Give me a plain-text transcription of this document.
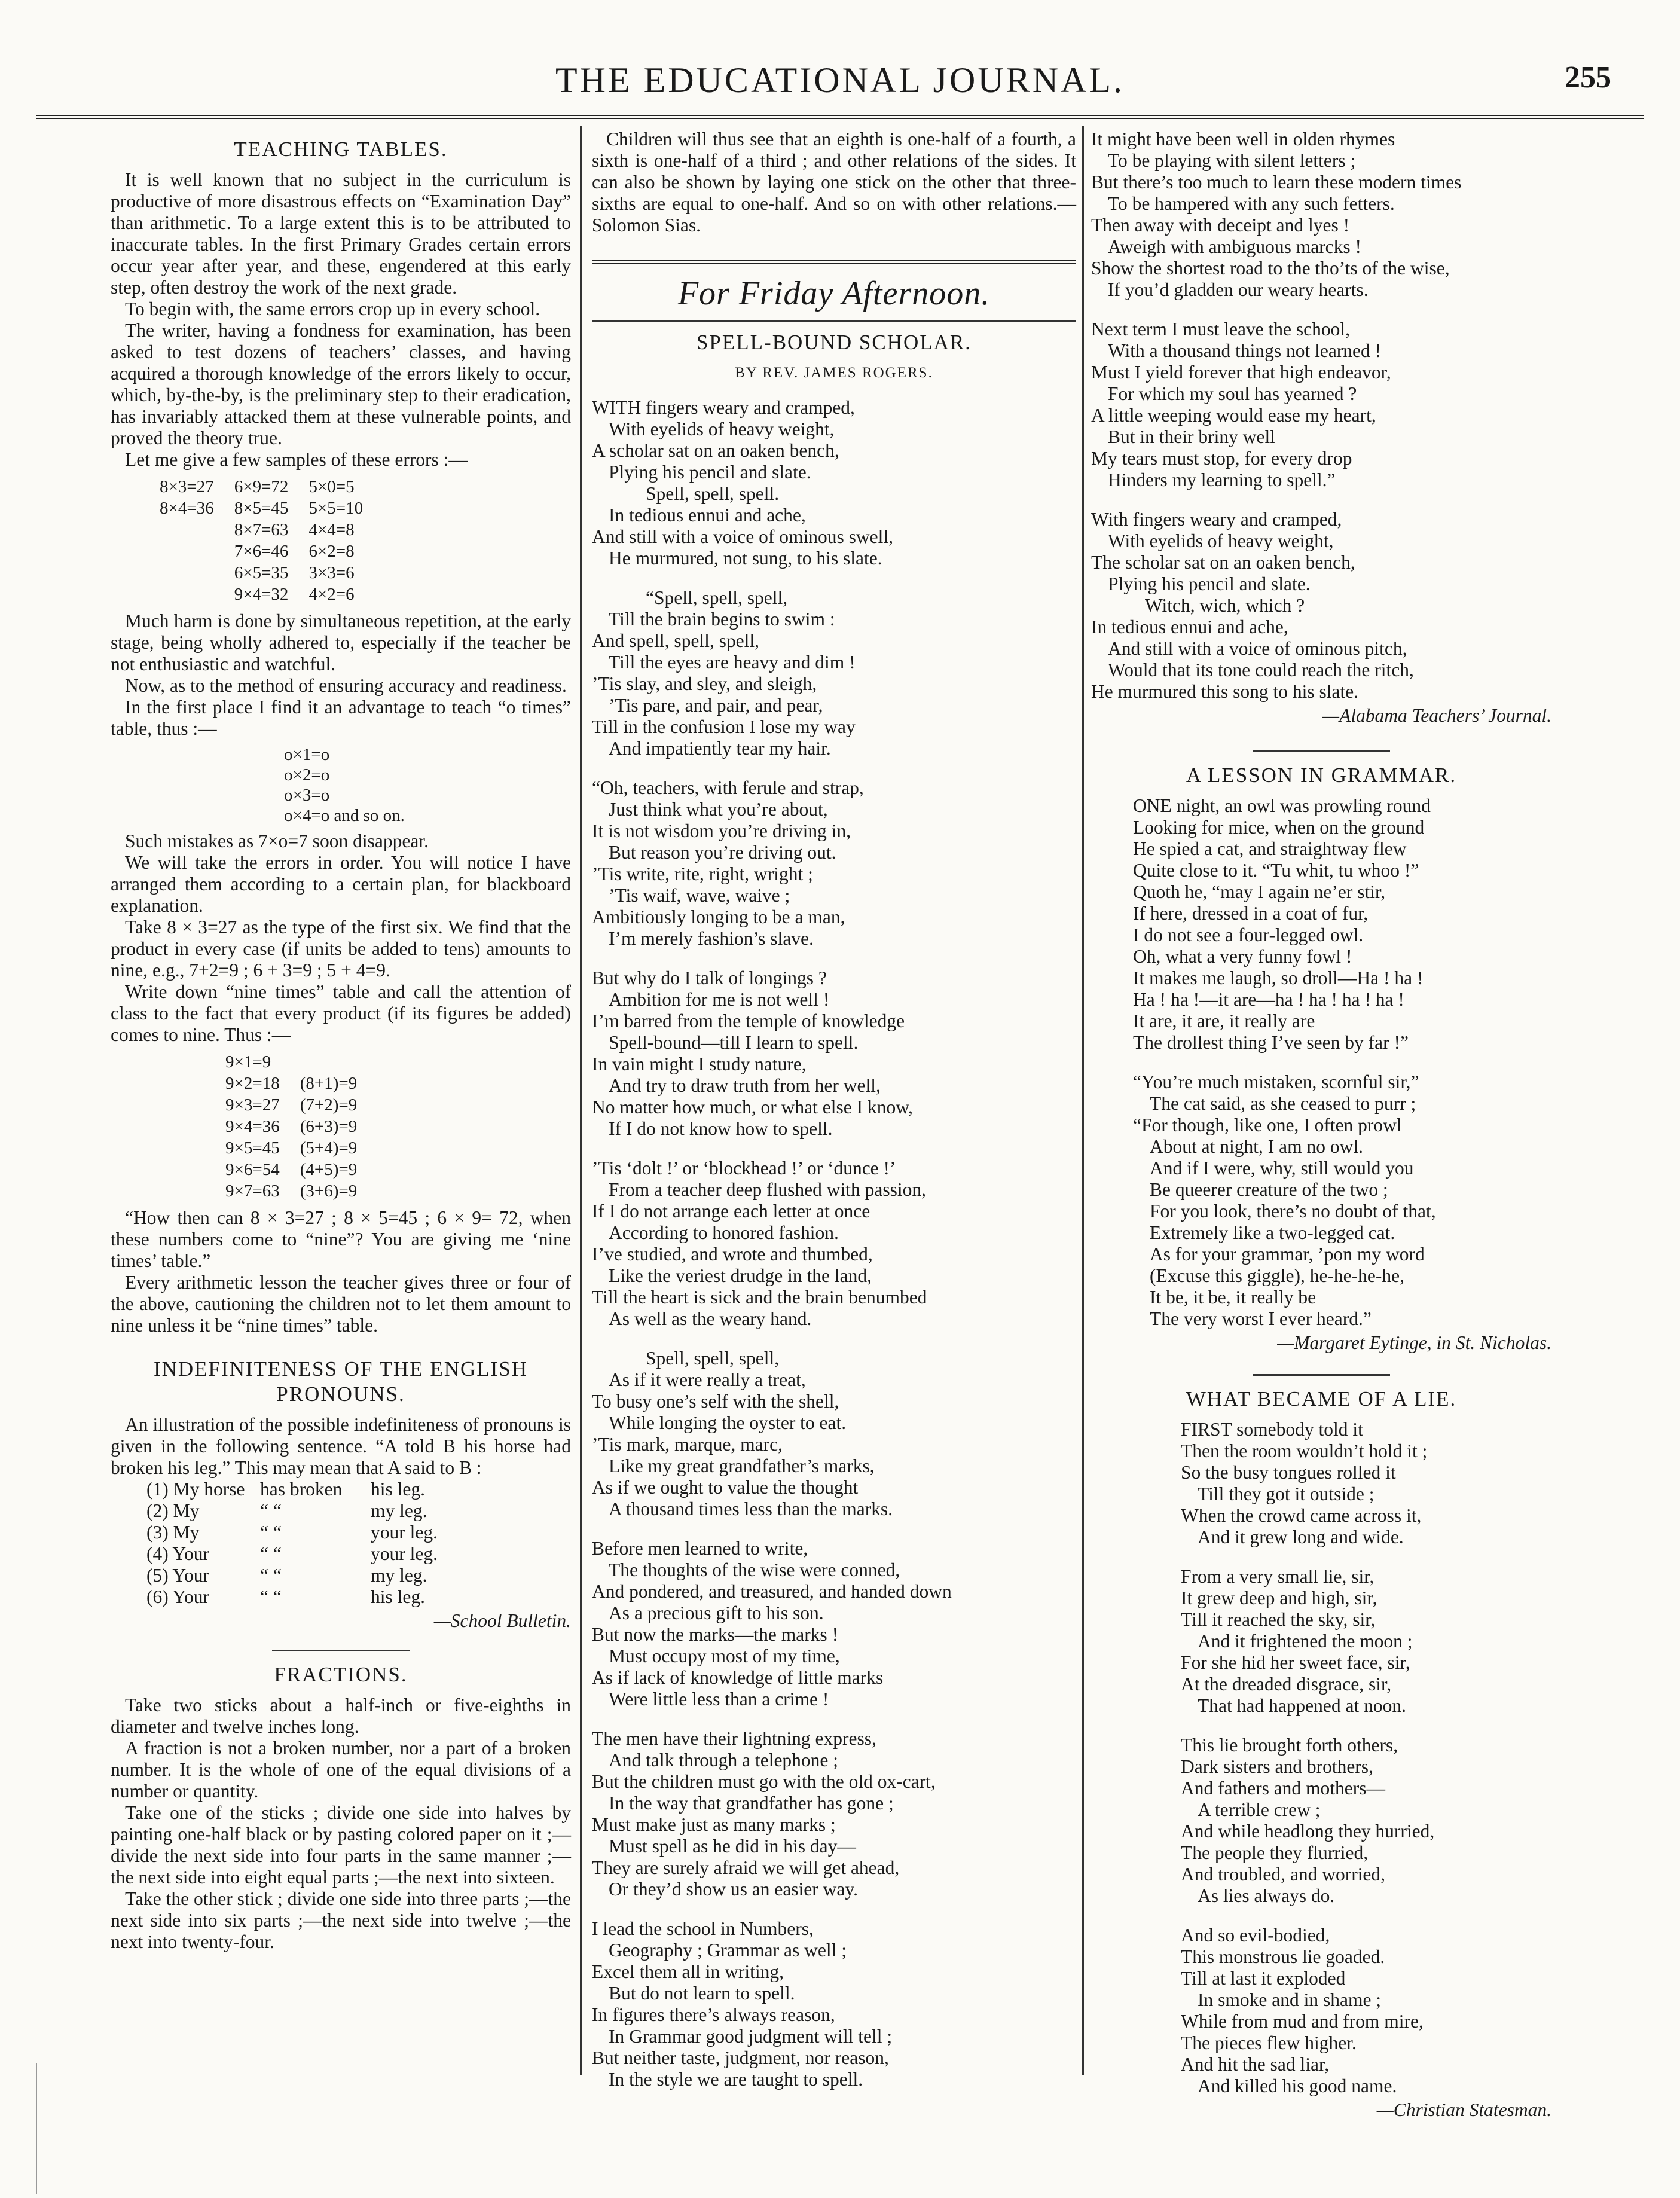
THE EDUCATIONAL JOURNAL.	255
TEACHING TABLES.

It is well known that no subject in the curriculum is productive of more disastrous effects on “Examination Day” than arithmetic. To a large extent this is to be attributed to inaccurate tables. In the first Primary Grades certain errors occur year after year, and these, engendered at this early step, often destroy the work of the next grade.

To begin with, the same errors crop up in every school.

The writer, having a fondness for examination, has been asked to test dozens of teachers’ classes, and having acquired a thorough knowledge of the errors likely to occur, which, by-the-by, is the preliminary step to their eradication, has invariably attacked them at these vulnerable points, and proved the theory true.

Let me give a few samples of these errors :—

8×3=27	6×9=72	5×0=5
8×4=36	8×5=45	5×5=10
	8×7=63	4×4=8
	7×6=46	6×2=8
	6×5=35	3×3=6
	9×4=32	4×2=6

Much harm is done by simultaneous repetition, at the early stage, being wholly adhered to, especially if the teacher be not enthusiastic and watchful.

Now, as to the method of ensuring accuracy and readiness.

In the first place I find it an advantage to teach “o times” table, thus :—

o×1=o
o×2=o
o×3=o
o×4=o and so on.

Such mistakes as 7×o=7 soon disappear.

We will take the errors in order. You will notice I have arranged them according to a certain plan, for blackboard explanation.

Take 8 × 3=27 as the type of the first six. We find that the product in every case (if units be added to tens) amounts to nine, e.g., 7+2=9 ; 6 + 3=9 ; 5 + 4=9.

Write down “nine times” table and call the attention of class to the fact that every product (if its figures be added) comes to nine. Thus :—

9×1=9	
9×2=18	(8+1)=9
9×3=27	(7+2)=9
9×4=36	(6+3)=9
9×5=45	(5+4)=9
9×6=54	(4+5)=9
9×7=63	(3+6)=9

“How then can 8 × 3=27 ; 8 × 5=45 ; 6 × 9= 72, when these numbers come to “nine”? You are giving me ‘nine times’ table.”

Every arithmetic lesson the teacher gives three or four of the above, cautioning the children not to let them amount to nine unless it be “nine times” table.

INDEFINITENESS OF THE ENGLISH PRONOUNS.

An illustration of the possible indefiniteness of pronouns is given in the following sentence. “A told B his horse had broken his leg.” This may mean that A said to B :

(1) My horse has broken his leg.
(2) My	“ “	my leg.
(3) My	“ “	your leg.
(4) Your	“ “	your leg.
(5) Your	“ “	my leg.
(6) Your	“ “	his leg.
—School Bulletin.
FRACTIONS.

Take two sticks about a half-inch or five-eighths in diameter and twelve inches long.

A fraction is not a broken number, nor a part of a broken number. It is the whole of one of the equal divisions of a number or quantity.

Take one of the sticks ; divide one side into halves by painting one-half black or by pasting colored paper on it ;—divide the next side into four parts in the same manner ;—the next side into eight equal parts ;—the next into sixteen.

Take the other stick ; divide one side into three parts ;—the next side into six parts ;—the next side into twelve ;—the next into twenty-four.

Children will thus see that an eighth is one-half of a fourth, a sixth is one-half of a third ; and other relations of the sides. It can also be shown by laying one stick on the other that three-sixths are equal to one-half. And so on with other relations.—Solomon Sias.

For Friday Afternoon.
SPELL-BOUND SCHOLAR.
BY REV. JAMES ROGERS.
WITH fingers weary and cramped,
With eyelids of heavy weight,
A scholar sat on an oaken bench,
Plying his pencil and slate.
Spell, spell, spell.
In tedious ennui and ache,
And still with a voice of ominous swell,
He murmured, not sung, to his slate.
“Spell, spell, spell,
Till the brain begins to swim :
And spell, spell, spell,
Till the eyes are heavy and dim !
’Tis slay, and sley, and sleigh,
’Tis pare, and pair, and pear,
Till in the confusion I lose my way
And impatiently tear my hair.
“Oh, teachers, with ferule and strap,
Just think what you’re about,
It is not wisdom you’re driving in,
But reason you’re driving out.
’Tis write, rite, right, wright ;
’Tis waif, wave, waive ;
Ambitiously longing to be a man,
I’m merely fashion’s slave.
But why do I talk of longings ?
Ambition for me is not well !
I’m barred from the temple of knowledge
Spell-bound—till I learn to spell.
In vain might I study nature,
And try to draw truth from her well,
No matter how much, or what else I know,
If I do not know how to spell.
’Tis ‘dolt !’ or ‘blockhead !’ or ‘dunce !’
From a teacher deep flushed with passion,
If I do not arrange each letter at once
According to honored fashion.
I’ve studied, and wrote and thumbed,
Like the veriest drudge in the land,
Till the heart is sick and the brain benumbed
As well as the weary hand.
Spell, spell, spell,
As if it were really a treat,
To busy one’s self with the shell,
While longing the oyster to eat.
’Tis mark, marque, marc,
Like my great grandfather’s marks,
As if we ought to value the thought
A thousand times less than the marks.
Before men learned to write,
The thoughts of the wise were conned,
And pondered, and treasured, and handed down
As a precious gift to his son.
But now the marks—the marks !
Must occupy most of my time,
As if lack of knowledge of little marks
Were little less than a crime !
The men have their lightning express,
And talk through a telephone ;
But the children must go with the old ox-cart,
In the way that grandfather has gone ;
Must make just as many marks ;
Must spell as he did in his day—
They are surely afraid we will get ahead,
Or they’d show us an easier way.
I lead the school in Numbers,
Geography ; Grammar as well ;
Excel them all in writing,
But do not learn to spell.
In figures there’s always reason,
In Grammar good judgment will tell ;
But neither taste, judgment, nor reason,
In the style we are taught to spell.
It might have been well in olden rhymes
To be playing with silent letters ;
But there’s too much to learn these modern times
To be hampered with any such fetters.
Then away with deceipt and lyes !
Aweigh with ambiguous marcks !
Show the shortest road to the tho’ts of the wise,
If you’d gladden our weary hearts.
Next term I must leave the school,
With a thousand things not learned !
Must I yield forever that high endeavor,
For which my soul has yearned ?
A little weeping would ease my heart,
But in their briny well
My tears must stop, for every drop
Hinders my learning to spell.”
With fingers weary and cramped,
With eyelids of heavy weight,
The scholar sat on an oaken bench,
Plying his pencil and slate.
Witch, wich, which ?
In tedious ennui and ache,
And still with a voice of ominous pitch,
Would that its tone could reach the ritch,
He murmured this song to his slate.
—Alabama Teachers’ Journal.
A LESSON IN GRAMMAR.
ONE night, an owl was prowling round
Looking for mice, when on the ground
He spied a cat, and straightway flew
Quite close to it. “Tu whit, tu whoo !”
Quoth he, “may I again ne’er stir,
If here, dressed in a coat of fur,
I do not see a four-legged owl.
Oh, what a very funny fowl !
It makes me laugh, so droll—Ha ! ha !
Ha ! ha !—it are—ha ! ha ! ha ! ha !
It are, it are, it really are
The drollest thing I’ve seen by far !”
“You’re much mistaken, scornful sir,”
The cat said, as she ceased to purr ;
“For though, like one, I often prowl
About at night, I am no owl.
And if I were, why, still would you
Be queerer creature of the two ;
For you look, there’s no doubt of that,
Extremely like a two-legged cat.
As for your grammar, ’pon my word
(Excuse this giggle), he-he-he-he,
It be, it be, it really be
The very worst I ever heard.”
—Margaret Eytinge, in St. Nicholas.
WHAT BECAME OF A LIE.
FIRST somebody told it
Then the room wouldn’t hold it ;
So the busy tongues rolled it
Till they got it outside ;
When the crowd came across it,
And it grew long and wide.
From a very small lie, sir,
It grew deep and high, sir,
Till it reached the sky, sir,
And it frightened the moon ;
For she hid her sweet face, sir,
At the dreaded disgrace, sir,
That had happened at noon.
This lie brought forth others,
Dark sisters and brothers,
And fathers and mothers—
A terrible crew ;
And while headlong they hurried,
The people they flurried,
And troubled, and worried,
As lies always do.
And so evil-bodied,
This monstrous lie goaded.
Till at last it exploded
In smoke and in shame ;
While from mud and from mire,
The pieces flew higher.
And hit the sad liar,
And killed his good name.
—Christian Statesman.
